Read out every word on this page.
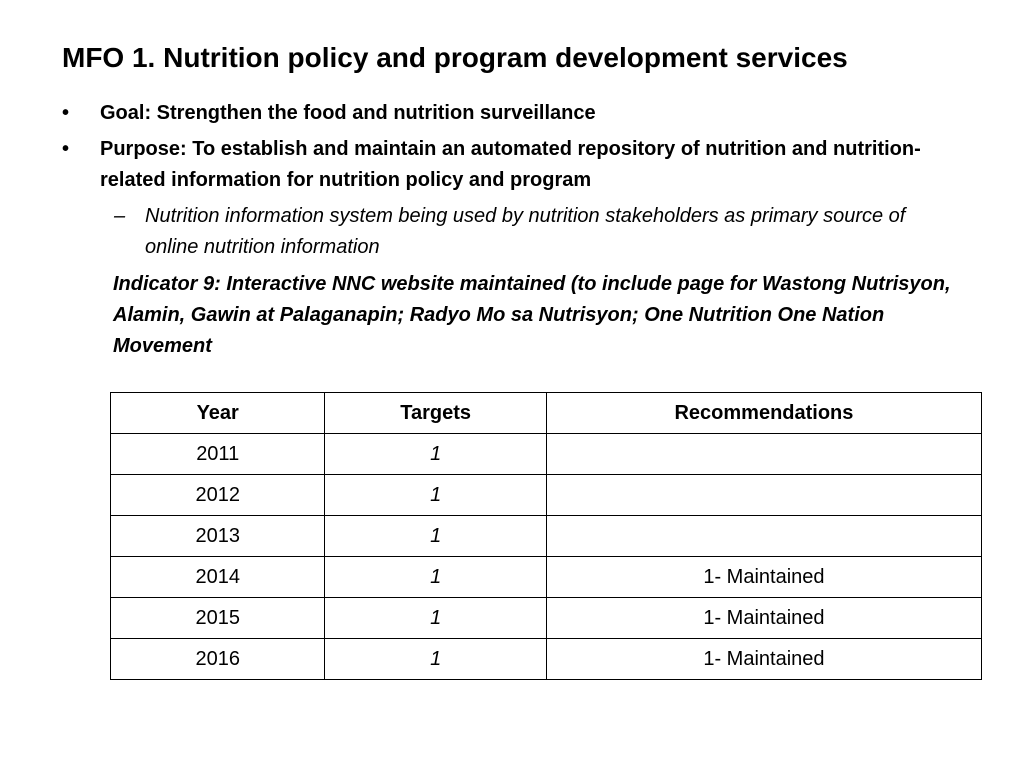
MFO 1. Nutrition policy and program development services
•	Goal: Strengthen the food and nutrition surveillance
•	Purpose: To establish and maintain an automated repository of nutrition and nutrition-related information for nutrition policy and program
– Nutrition information system being used by nutrition stakeholders as primary source of online nutrition information
Indicator 9: Interactive NNC website maintained (to include page for Wastong Nutrisyon, Alamin, Gawin at Palaganapin; Radyo Mo sa Nutrisyon; One Nutrition One Nation Movement
Year	Targets	Recommendations
2011	1	
2012	1	
2013	1	
2014	1	1- Maintained
2015	1	1- Maintained
2016	1	1- Maintained
